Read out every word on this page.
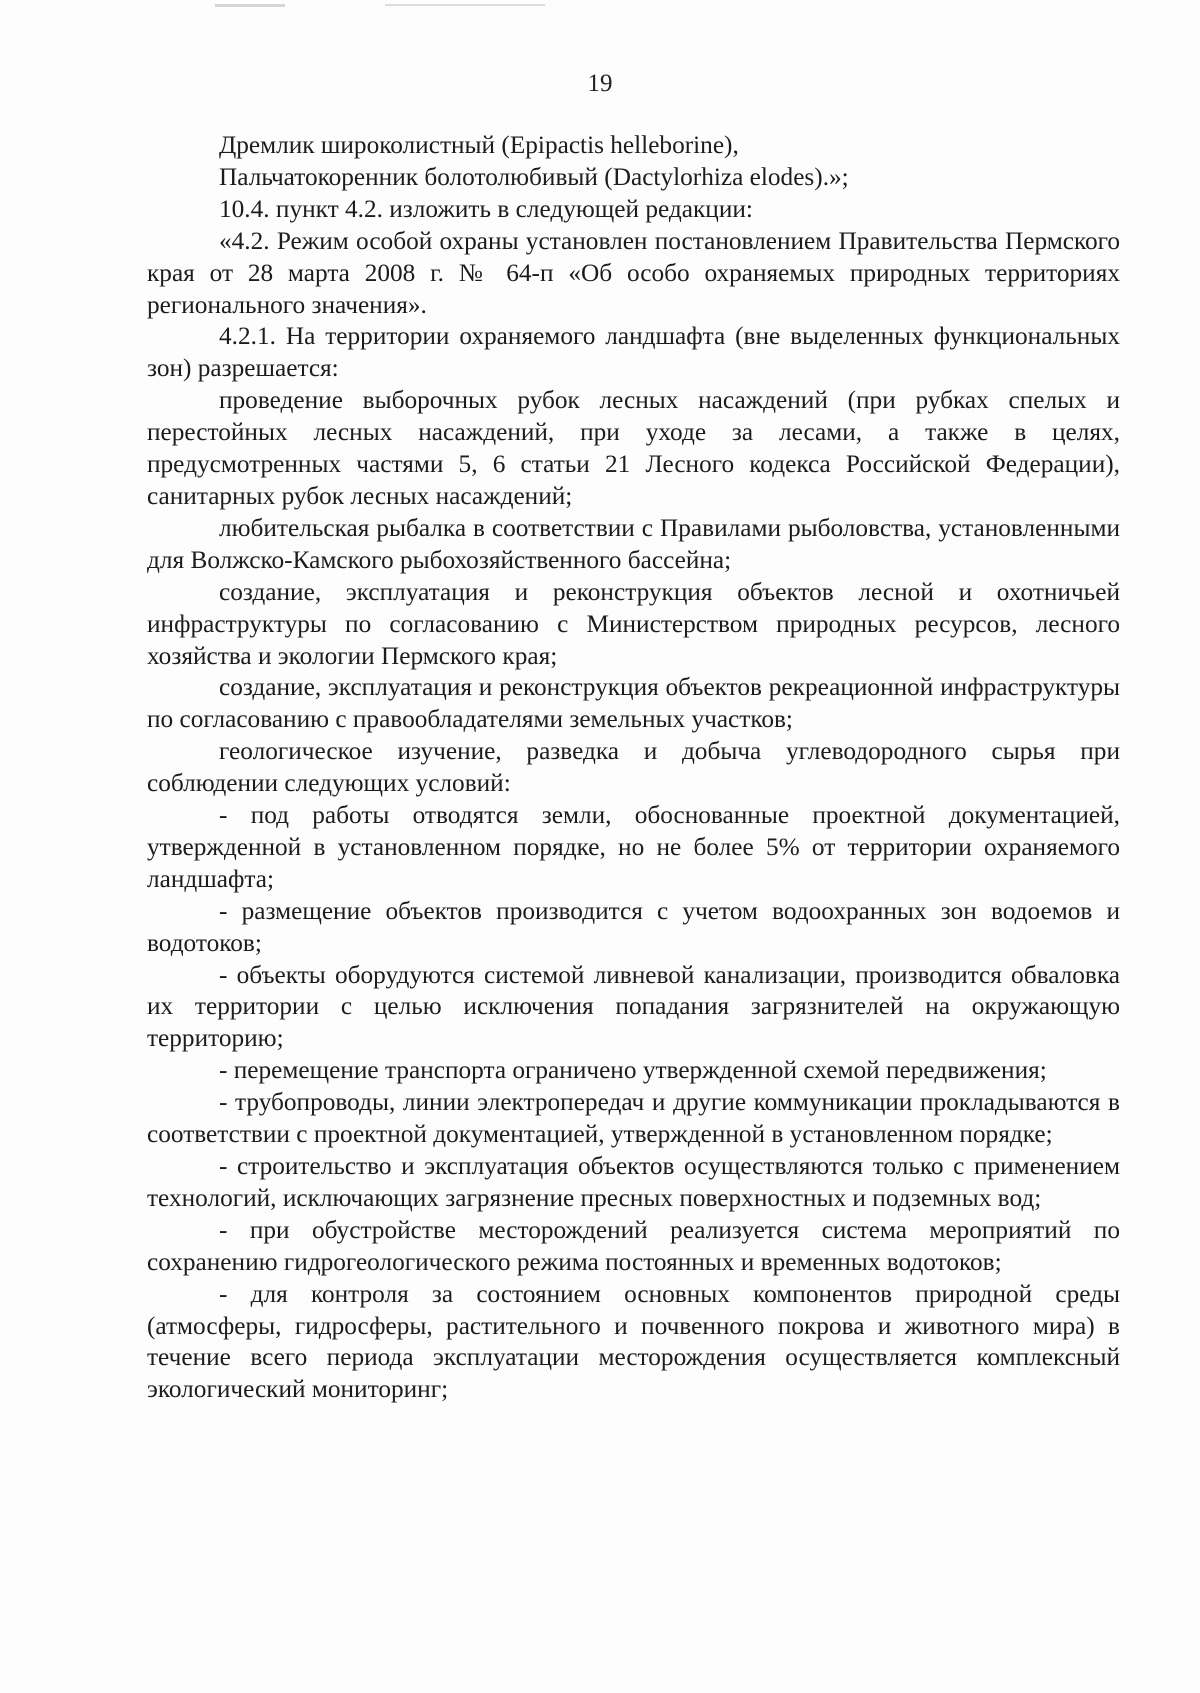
19

Дремлик широколистный (Epipactis helleborine),

Пальчатокоренник болотолюбивый (Dactylorhiza elodes).»;

10.4. пункт 4.2. изложить в следующей редакции:

«4.2. Режим особой охраны установлен постановлением Правительства Пермского края от 28 марта 2008 г. № 64-п «Об особо охраняемых природных территориях регионального значения».

4.2.1. На территории охраняемого ландшафта (вне выделенных функциональных зон) разрешается:

проведение выборочных рубок лесных насаждений (при рубках спелых и перестойных лесных насаждений, при уходе за лесами, а также в целях, предусмотренных частями 5, 6 статьи 21 Лесного кодекса Российской Федерации), санитарных рубок лесных насаждений;

любительская рыбалка в соответствии с Правилами рыболовства, установленными для Волжско-Камского рыбохозяйственного бассейна;

создание, эксплуатация и реконструкция объектов лесной и охотничьей инфраструктуры по согласованию с Министерством природных ресурсов, лесного хозяйства и экологии Пермского края;

создание, эксплуатация и реконструкция объектов рекреационной инфраструктуры по согласованию с правообладателями земельных участков;

геологическое изучение, разведка и добыча углеводородного сырья при соблюдении следующих условий:

- под работы отводятся земли, обоснованные проектной документацией, утвержденной в установленном порядке, но не более 5% от территории охраняемого ландшафта;

- размещение объектов производится с учетом водоохранных зон водоемов и водотоков;

- объекты оборудуются системой ливневой канализации, производится обваловка их территории с целью исключения попадания загрязнителей на окружающую территорию;

- перемещение транспорта ограничено утвержденной схемой передвижения;

- трубопроводы, линии электропередач и другие коммуникации прокладываются в соответствии с проектной документацией, утвержденной в установленном порядке;

- строительство и эксплуатация объектов осуществляются только с применением технологий, исключающих загрязнение пресных поверхностных и подземных вод;

- при обустройстве месторождений реализуется система мероприятий по сохранению гидрогеологического режима постоянных и временных водотоков;

- для контроля за состоянием основных компонентов природной среды (атмосферы, гидросферы, растительного и почвенного покрова и животного мира) в течение всего периода эксплуатации месторождения осуществляется комплексный экологический мониторинг;
